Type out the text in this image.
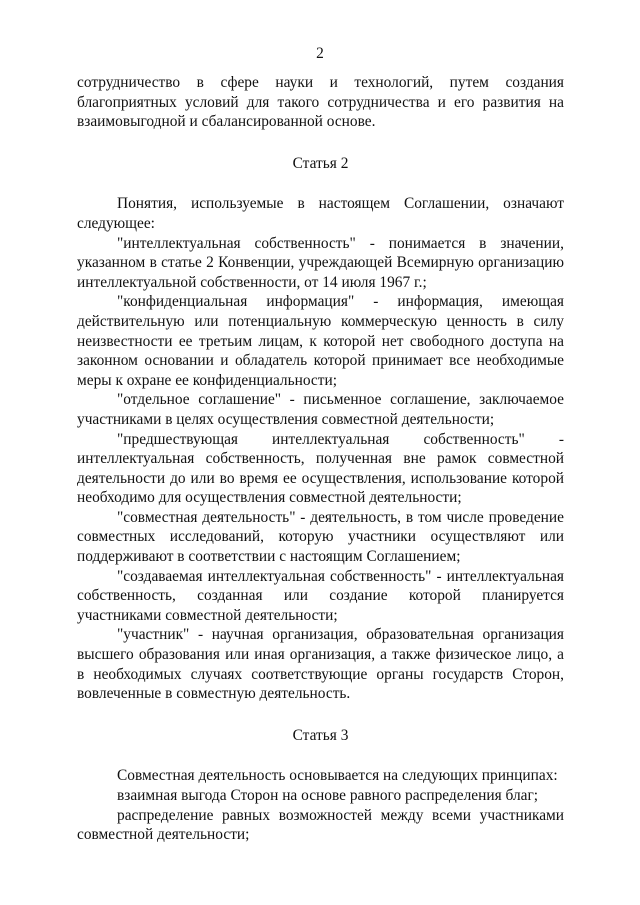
2

сотрудничество в сфере науки и технологий, путем создания благоприятных условий для такого сотрудничества и его развития на взаимовыгодной и сбалансированной основе.

Статья 2

Понятия, используемые в настоящем Соглашении, означают следующее:

"интеллектуальная собственность" - понимается в значении, указанном в статье 2 Конвенции, учреждающей Всемирную организацию интеллектуальной собственности, от 14 июля 1967 г.;

"конфиденциальная информация" - информация, имеющая действительную или потенциальную коммерческую ценность в силу неизвестности ее третьим лицам, к которой нет свободного доступа на законном основании и обладатель которой принимает все необходимые меры к охране ее конфиденциальности;

"отдельное соглашение" - письменное соглашение, заключаемое участниками в целях осуществления совместной деятельности;

"предшествующая интеллектуальная собственность" - интеллектуальная собственность, полученная вне рамок совместной деятельности до или во время ее осуществления, использование которой необходимо для осуществления совместной деятельности;

"совместная деятельность" - деятельность, в том числе проведение совместных исследований, которую участники осуществляют или поддерживают в соответствии с настоящим Соглашением;

"создаваемая интеллектуальная собственность" - интеллектуальная собственность, созданная или создание которой планируется участниками совместной деятельности;

"участник" - научная организация, образовательная организация высшего образования или иная организация, а также физическое лицо, а в необходимых случаях соответствующие органы государств Сторон, вовлеченные в совместную деятельность.

Статья 3

Совместная деятельность основывается на следующих принципах:

взаимная выгода Сторон на основе равного распределения благ;

распределение равных возможностей между всеми участниками совместной деятельности;
